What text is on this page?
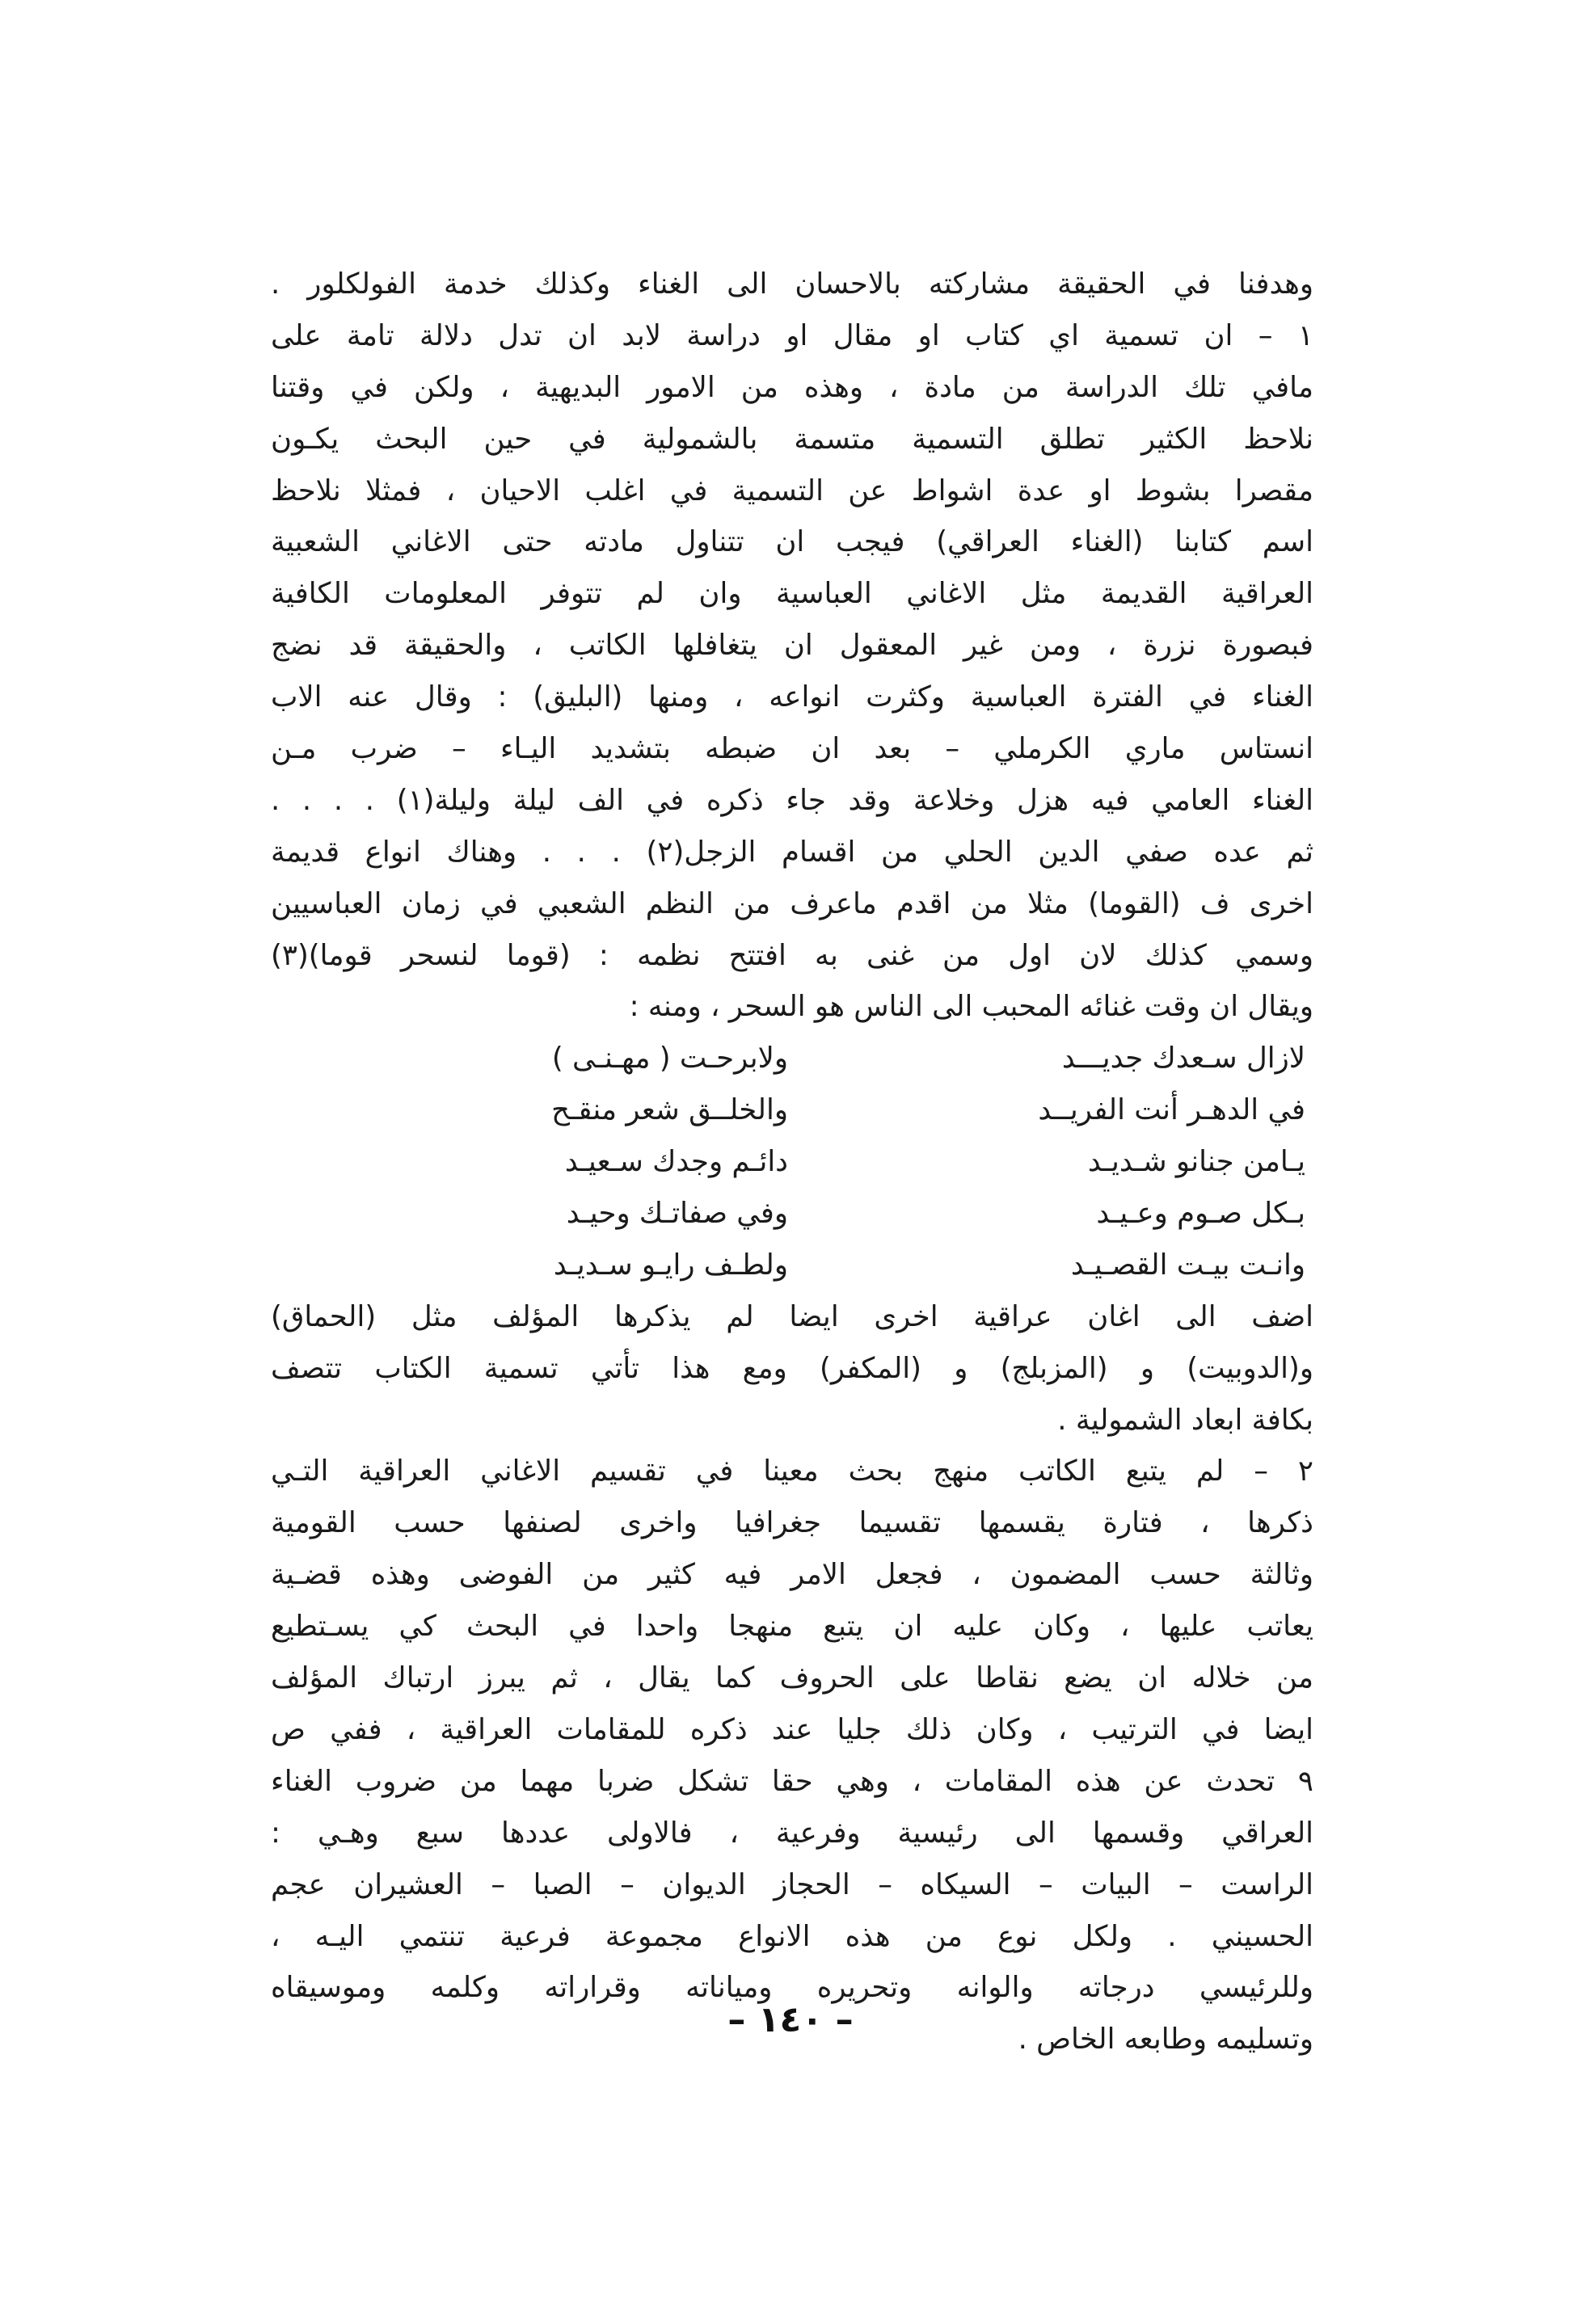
وهدفنا في الحقيقة مشاركته بالاحسان الى الغناء وكذلك خدمة الفولكلور .
١ – ان تسمية اي كتاب او مقال او دراسة لابد ان تدل دلالة تامة على
مافي تلك الدراسة من مادة ، وهذه من الامور البديهية ، ولكن في وقتنا
نلاحظ الكثير تطلق التسمية متسمة بالشمولية في حين البحث يكـون
مقصرا بشوط او عدة اشواط عن التسمية في اغلب الاحيان ، فمثلا نلاحظ
اسم كتابنا (الغناء العراقي) فيجب ان تتناول مادته حتى الاغاني الشعبية
العراقية القديمة مثل الاغاني العباسية وان لم تتوفر المعلومات الكافية
فبصورة نزرة ، ومن غير المعقول ان يتغافلها الكاتب ، والحقيقة قد نضج
الغناء في الفترة العباسية وكثرت انواعه ، ومنها (البليق) : وقال عنه الاب
انستاس ماري الكرملي – بعد ان ضبطه بتشديد اليـاء – ضرب مـن
الغناء العامي فيه هزل وخلاعة وقد جاء ذكره في الف ليلة وليلة(١) . . . .
ثم عده صفي الدين الحلي من اقسام الزجل(٢) . . . وهناك انواع قديمة
اخرى ف (القوما) مثلا من اقدم ماعرف من النظم الشعبي في زمان العباسيين
وسمي كذلك لان اول من غنى به افتتح نظمه : (قوما لنسحر قوما)(٣)
ويقال ان وقت غنائه المحبب الى الناس هو السحر ، ومنه :
لازال سـعدك جديـــد
ولابرحـت ( مهـنـى )
في الدهـر أنت الفريــد
والخلــق شعر منقـح
يـامن جنانو شـديـد
دائـم وجدك سـعيـد
بـكل صـوم وعـيـد
وفي صفاتـك وحيـد
وانـت بيـت القصـيـد
ولطـف رايـو سـديـد
اضف الى اغان عراقية اخرى ايضا لم يذكرها المؤلف مثل (الحماق)
و(الدوبيت) و (المزبلج) و (المكفر) ومع هذا تأتي تسمية الكتاب تتصف
بكافة ابعاد الشمولية .
٢ – لم يتبع الكاتب منهج بحث معينا في تقسيم الاغاني العراقية التـي
ذكرها ، فتارة يقسمها تقسيما جغرافيا واخرى لصنفها حسب القومية
وثالثة حسب المضمون ، فجعل الامر فيه كثير من الفوضى وهذه قضـية
يعاتب عليها ، وكان عليه ان يتبع منهجا واحدا في البحث كي يسـتطيع
من خلاله ان يضع نقاطا على الحروف كما يقال ، ثم يبرز ارتباك المؤلف
ايضا في الترتيب ، وكان ذلك جليا عند ذكره للمقامات العراقية ، ففي ص
٩ تحدث عن هذه المقامات ، وهي حقا تشكل ضربا مهما من ضروب الغناء
العراقي وقسمها الى رئيسية وفرعية ، فالاولى عددها سبع وهـي :
الراست – البيات – السيكاه – الحجاز الديوان – الصبا – العشيران عجم
الحسيني . ولكل نوع من هذه الانواع مجموعة فرعية تنتمي اليـه ،
وللرئيسي درجاته والوانه وتحريره ومياناته وقراراته وكلمه وموسيقاه
وتسليمه وطابعه الخاص .
– ١٤٠ –
